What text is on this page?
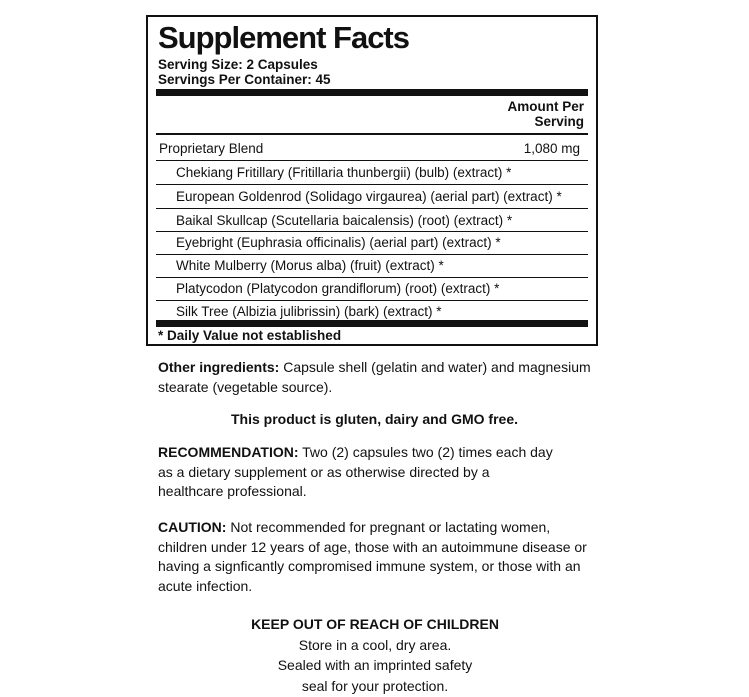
Supplement Facts
Serving Size: 2 Capsules
Servings Per Container: 45
Amount Per
Serving
Proprietary Blend	1,080 mg
Chekiang Fritillary (Fritillaria thunbergii) (bulb) (extract) *
European Goldenrod (Solidago virgaurea) (aerial part) (extract) *
Baikal Skullcap (Scutellaria baicalensis) (root) (extract) *
Eyebright (Euphrasia officinalis) (aerial part) (extract) *
White Mulberry (Morus alba) (fruit) (extract) *
Platycodon (Platycodon grandiflorum) (root) (extract) *
Silk Tree (Albizia julibrissin) (bark) (extract) *
* Daily Value not established
Other ingredients: Capsule shell (gelatin and water) and magnesium
stearate (vegetable source).
This product is gluten, dairy and GMO free.
RECOMMENDATION: Two (2) capsules two (2) times each day
as a dietary supplement or as otherwise directed by a
healthcare professional.
CAUTION: Not recommended for pregnant or lactating women,
children under 12 years of age, those with an autoimmune disease or
having a signficantly compromised immune system, or those with an
acute infection.
KEEP OUT OF REACH OF CHILDREN
Store in a cool, dry area.
Sealed with an imprinted safety
seal for your protection.
